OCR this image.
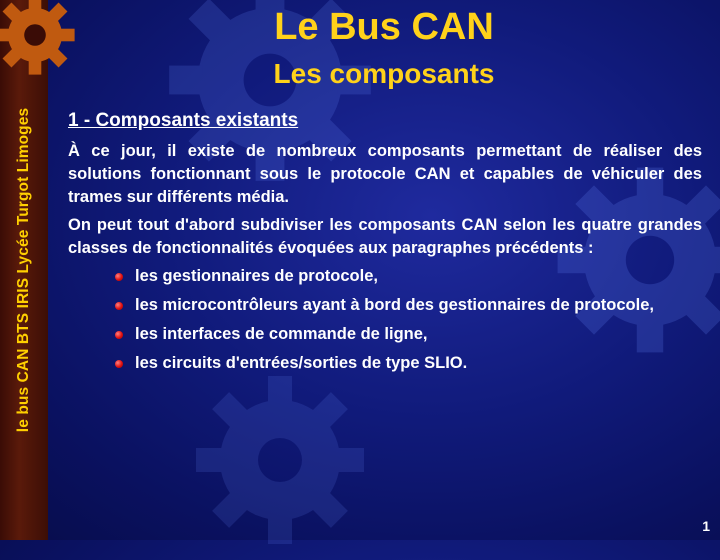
le bus CAN BTS IRIS Lycée Turgot Limoges
Le Bus CAN
Les composants
1 - Composants existants

À ce jour, il existe de nombreux composants permettant de réaliser des solutions fonctionnant sous le protocole CAN et capables de véhiculer des trames sur différents média.

On peut tout d'abord subdiviser les composants CAN selon les quatre grandes classes de fonctionnalités évoquées aux paragraphes précédents :

les gestionnaires de protocole,
les microcontrôleurs ayant à bord des gestionnaires de protocole,
les interfaces de commande de ligne,
les circuits d'entrées/sorties de type SLIO.
1
